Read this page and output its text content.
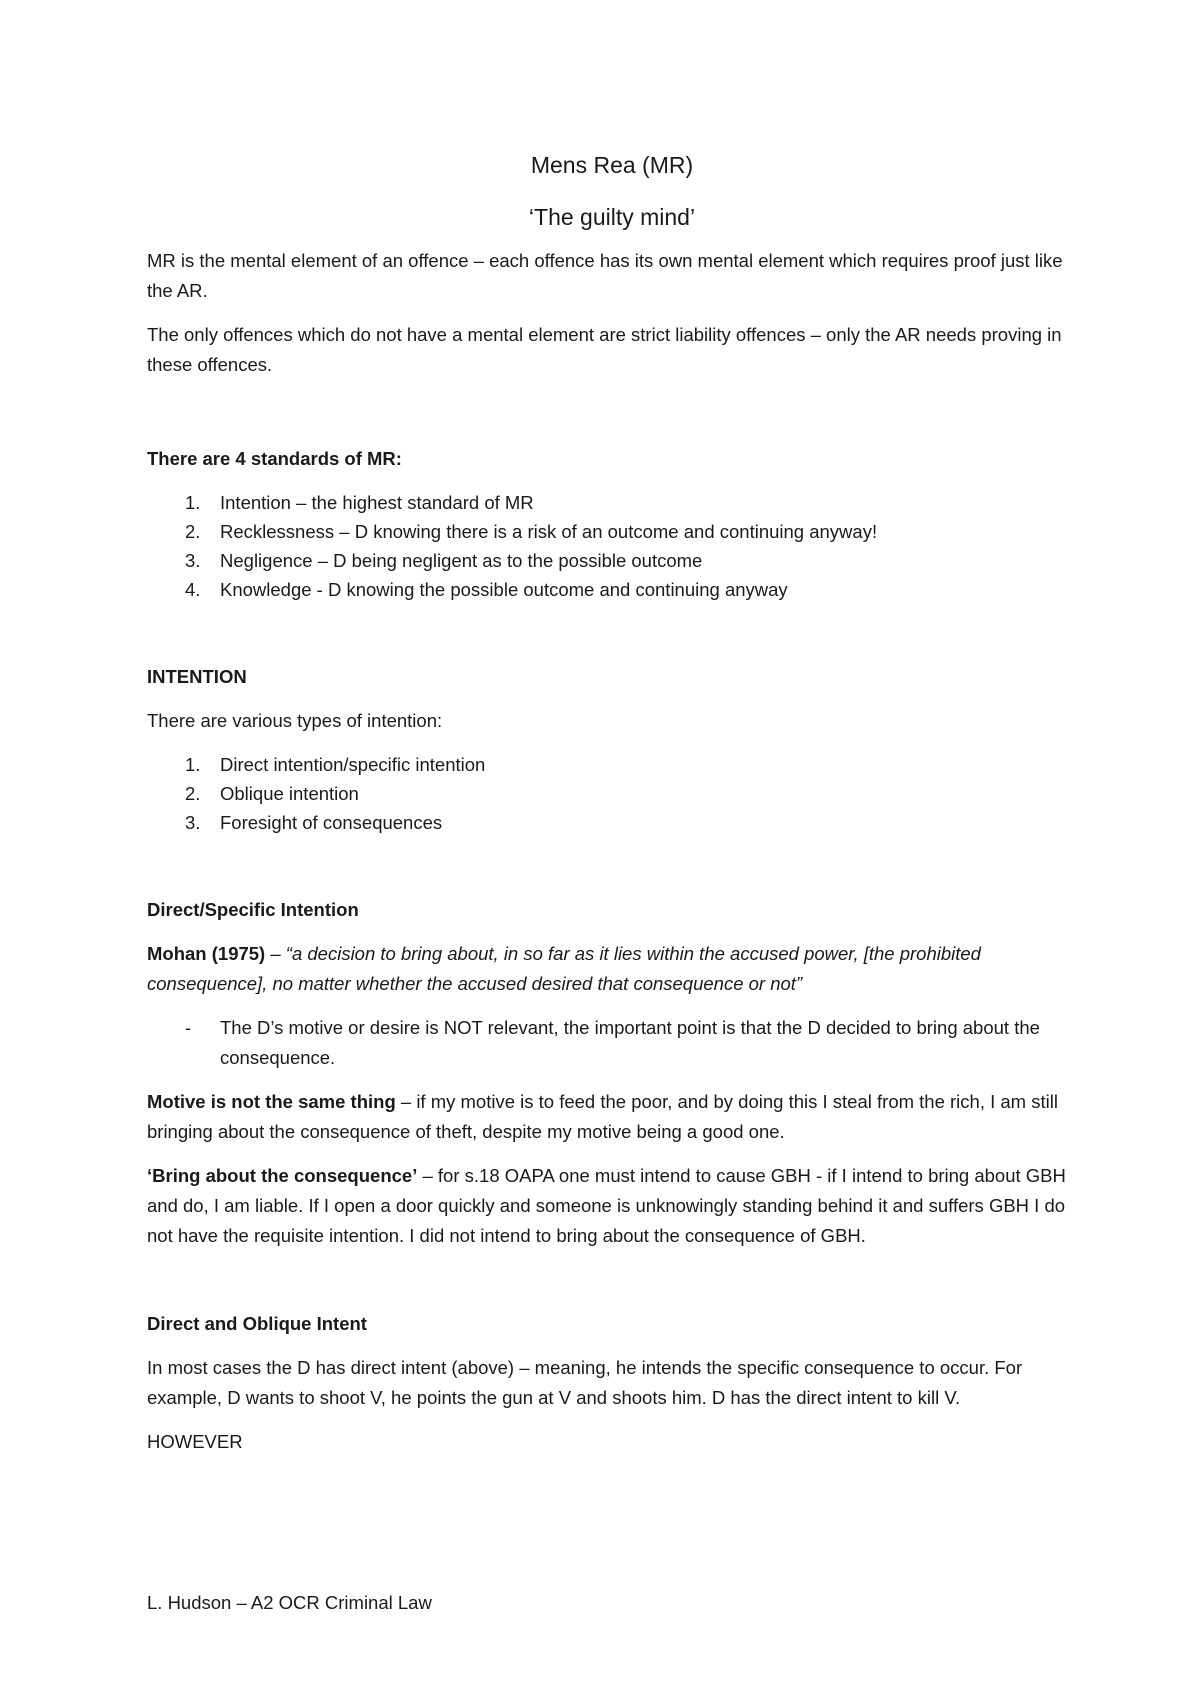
Mens Rea (MR)
‘The guilty mind’

MR is the mental element of an offence – each offence has its own mental element which requires proof just like the AR.

The only offences which do not have a mental element are strict liability offences – only the AR needs proving in these offences.

There are 4 standards of MR:
1. Intention – the highest standard of MR
2. Recklessness – D knowing there is a risk of an outcome and continuing anyway!
3. Negligence – D being negligent as to the possible outcome
4. Knowledge - D knowing the possible outcome and continuing anyway
INTENTION

There are various types of intention:

1. Direct intention/specific intention
2. Oblique intention
3. Foresight of consequences
Direct/Specific Intention

Mohan (1975) – “a decision to bring about, in so far as it lies within the accused power, [the prohibited consequence], no matter whether the accused desired that consequence or not”

- The D’s motive or desire is NOT relevant, the important point is that the D decided to bring about the consequence.

Motive is not the same thing – if my motive is to feed the poor, and by doing this I steal from the rich, I am still bringing about the consequence of theft, despite my motive being a good one.

‘Bring about the consequence’ – for s.18 OAPA one must intend to cause GBH - if I intend to bring about GBH and do, I am liable. If I open a door quickly and someone is unknowingly standing behind it and suffers GBH I do not have the requisite intention. I did not intend to bring about the consequence of GBH.

Direct and Oblique Intent

In most cases the D has direct intent (above) – meaning, he intends the specific consequence to occur. For example, D wants to shoot V, he points the gun at V and shoots him. D has the direct intent to kill V.

HOWEVER

L. Hudson – A2 OCR Criminal Law
